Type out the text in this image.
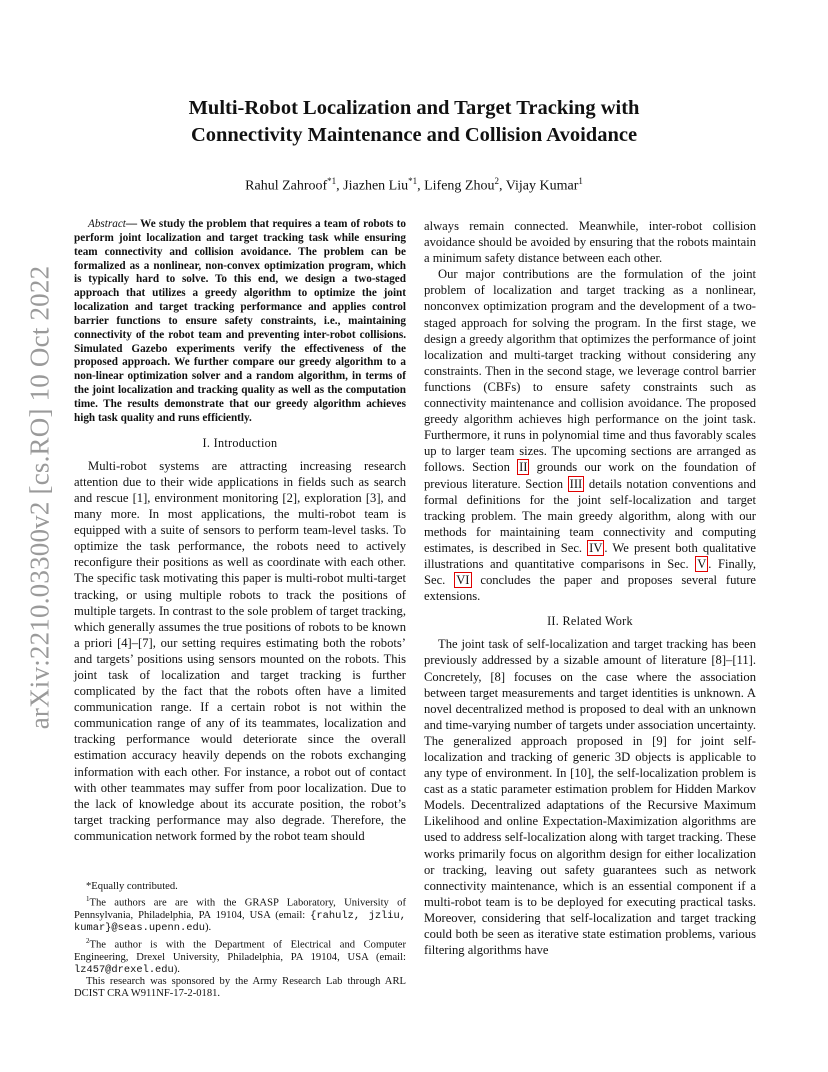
arXiv:2210.03300v2 [cs.RO] 10 Oct 2022
Multi-Robot Localization and Target Tracking with
Connectivity Maintenance and Collision Avoidance
Rahul Zahroof$^{*1}$, Jiazhen Liu$^{*1}$, Lifeng Zhou$^2$, Vijay Kumar$^1$

Abstract— We study the problem that requires a team of robots to perform joint localization and target tracking task while ensuring team connectivity and collision avoidance. The problem can be formalized as a nonlinear, non-convex optimization program, which is typically hard to solve. To this end, we design a two-staged approach that utilizes a greedy algorithm to optimize the joint localization and target tracking performance and applies control barrier functions to ensure safety constraints, i.e., maintaining connectivity of the robot team and preventing inter-robot collisions. Simulated Gazebo experiments verify the effectiveness of the proposed approach. We further compare our greedy algorithm to a non-linear optimization solver and a random algorithm, in terms of the joint localization and tracking quality as well as the computation time. The results demonstrate that our greedy algorithm achieves high task quality and runs efficiently.

I. Introduction

Multi-robot systems are attracting increasing research attention due to their wide applications in fields such as search and rescue [1], environment monitoring [2], exploration [3], and many more. In most applications, the multi-robot team is equipped with a suite of sensors to perform team-level tasks. To optimize the task performance, the robots need to actively reconfigure their positions as well as coordinate with each other. The specific task motivating this paper is multi-robot multi-target tracking, or using multiple robots to track the positions of multiple targets. In contrast to the sole problem of target tracking, which generally assumes the true positions of robots to be known a priori [4]–[7], our setting requires estimating both the robots’ and targets’ positions using sensors mounted on the robots. This joint task of localization and target tracking is further complicated by the fact that the robots often have a limited communication range. If a certain robot is not within the communication range of any of its teammates, localization and tracking performance would deteriorate since the overall estimation accuracy heavily depends on the robots exchanging information with each other. For instance, a robot out of contact with other teammates may suffer from poor localization. Due to the lack of knowledge about its accurate position, the robot’s target tracking performance may also degrade. Therefore, the communication network formed by the robot team should

always remain connected. Meanwhile, inter-robot collision avoidance should be avoided by ensuring that the robots maintain a minimum safety distance between each other.

Our major contributions are the formulation of the joint problem of localization and target tracking as a nonlinear, nonconvex optimization program and the development of a two-staged approach for solving the program. In the first stage, we design a greedy algorithm that optimizes the performance of joint localization and multi-target tracking without considering any constraints. Then in the second stage, we leverage control barrier functions (CBFs) to ensure safety constraints such as connectivity maintenance and collision avoidance. The proposed greedy algorithm achieves high performance on the joint task. Furthermore, it runs in polynomial time and thus favorably scales up to larger team sizes. The upcoming sections are arranged as follows. Section II grounds our work on the foundation of previous literature. Section III details notation conventions and formal definitions for the joint self-localization and target tracking problem. The main greedy algorithm, along with our methods for maintaining team connectivity and computing estimates, is described in Sec. IV . We present both qualitative illustrations and quantitative comparisons in Sec. V . Finally, Sec. VI concludes the paper and proposes several future extensions.

II. Related Work

The joint task of self-localization and target tracking has been previously addressed by a sizable amount of literature [8]–[11]. Concretely, [8] focuses on the case where the association between target measurements and target identities is unknown. A novel decentralized method is proposed to deal with an unknown and time-varying number of targets under association uncertainty. The generalized approach proposed in [9] for joint self-localization and tracking of generic 3D objects is applicable to any type of environment. In [10], the self-localization problem is cast as a static parameter estimation problem for Hidden Markov Models. Decentralized adaptations of the Recursive Maximum Likelihood and online Expectation-Maximization algorithms are used to address self-localization along with target tracking. These works primarily focus on algorithm design for either localization or tracking, leaving out safety guarantees such as network connectivity maintenance, which is an essential component if a multi-robot team is to be deployed for executing practical tasks. Moreover, considering that self-localization and target tracking could both be seen as iterative state estimation problems, various filtering algorithms have

*Equally contributed.

$^1$The authors are are with the GRASP Laboratory, University of Pennsylvania, Philadelphia, PA 19104, USA (email: {rahulz, jzliu, kumar}@seas.upenn.edu).

$^2$The author is with the Department of Electrical and Computer Engineering, Drexel University, Philadelphia, PA 19104, USA (email: lz457@drexel.edu).

This research was sponsored by the Army Research Lab through ARL DCIST CRA W911NF-17-2-0181.
